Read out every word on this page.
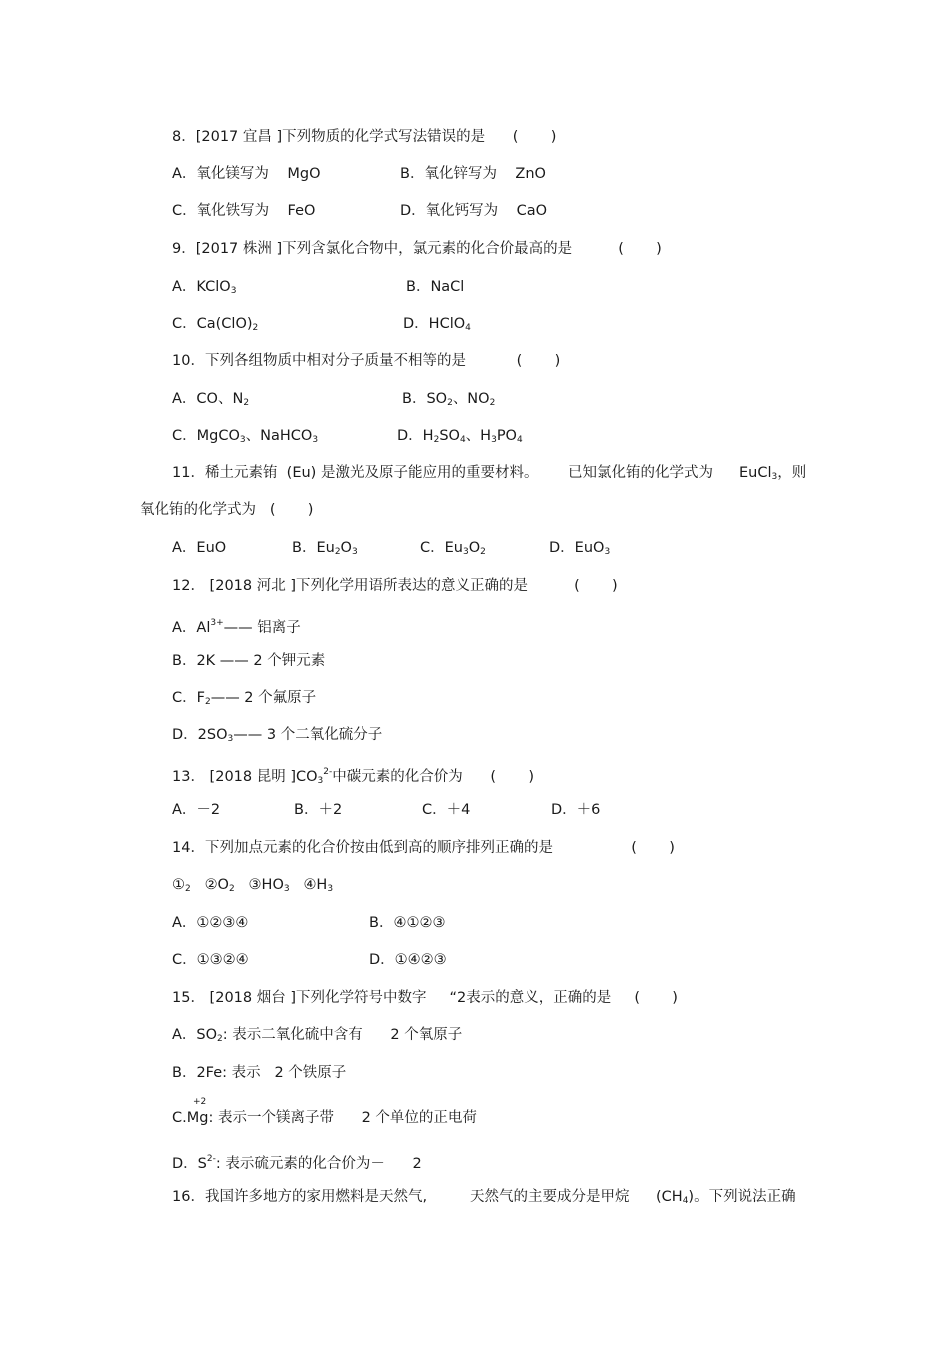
8．[2017 宜昌 ]下列物质的化学式写法错误的是      (       )
A．氧化镁写为    MgO	B．氧化锌写为    ZnO
C．氧化铁写为    FeO	D．氧化钙写为    CaO
9．[2017 株洲 ]下列含氯化合物中，氯元素的化合价最高的是          (       )
A．KClO$_3$	B．NaCl
C．$Ca(ClO)_2$	D．HClO$_4$
10．下列各组物质中相对分子质量不相等的是           (       )
A．CO、$N_2$	B．$SO_2$、$NO_2$
C．MgCO$_3$、NaHCO$_3$	D．$H_2SO_4$、$H_3PO_4$
11．稀土元素铕  (Eu) 是激光及原子能应用的重要材料。 已知氯化铕的化学式为 EuCl$_3$，则
氧化铕的化学式为   (       )
A．EuO	B．$Eu_2O_3$	C．$Eu_3O_2$	D．EuO$_3$
12． [2018 河北 ]下列化学用语所表达的意义正确的是          (       )
A．$Al^{3+}——$ 铝离子
B．2K —— 2 个钾元素
C．$F_2——$ 2 个氟原子
D．$2SO_3——$ 3 个二氧化硫分子
13． [2018 昆明 ]$CO_3^{2-}$中碳元素的化合价为      (       )
A．－2	B．＋2	C．＋4	D．＋6
14．下列加点元素的化合价按由低到高的顺序排列正确的是                 (       )
$①_2$ $②O_2$ $③HO_3$ $④H_3$
A．①②③④	B．④①②③
C．①③②④	D．①④②③
15． [2018 烟台 ]下列化学符号中数字     “2表示的意义，正确的是     (       )
A．$SO_2$: 表示二氧化硫中含有      2 个氧原子
B．2Fe: 表示   2 个铁原子
+2
C.Mg: 表示一个镁离子带      2 个单位的正电荷
D．$S^{2-}$: 表示硫元素的化合价为－      2
16．我国许多地方的家用燃料是天然气,	天然气的主要成分是甲烷 $(CH_4)$。下列说法正确
